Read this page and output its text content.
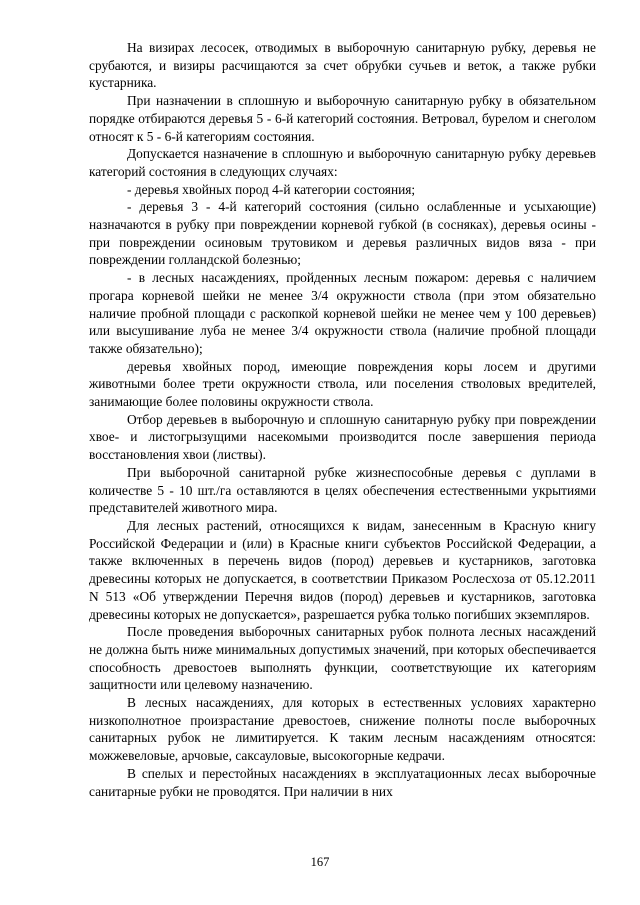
На визирах лесосек, отводимых в выборочную санитарную рубку, деревья не срубаются, и визиры расчищаются за счет обрубки сучьев и веток, а также рубки кустарника.

При назначении в сплошную и выборочную санитарную рубку в обязательном порядке отбираются деревья 5 - 6-й категорий состояния. Ветровал, бурелом и снеголом относят к 5 - 6-й категориям состояния.

Допускается назначение в сплошную и выборочную санитарную рубку деревьев категорий состояния в следующих случаях:

- деревья хвойных пород 4-й категории состояния;

- деревья 3 - 4-й категорий состояния (сильно ослабленные и усыхающие) назначаются в рубку при повреждении корневой губкой (в сосняках), деревья осины - при повреждении осиновым трутовиком и деревья различных видов вяза - при повреждении голландской болезнью;

- в лесных насаждениях, пройденных лесным пожаром: деревья с наличием прогара корневой шейки не менее 3/4 окружности ствола (при этом обязательно наличие пробной площади с раскопкой корневой шейки не менее чем у 100 деревьев) или высушивание луба не менее 3/4 окружности ствола (наличие пробной площади также обязательно);

деревья хвойных пород, имеющие повреждения коры лосем и другими животными более трети окружности ствола, или поселения стволовых вредителей, занимающие более половины окружности ствола.

Отбор деревьев в выборочную и сплошную санитарную рубку при повреждении хвое- и листогрызущими насекомыми производится после завершения периода восстановления хвои (листвы).

При выборочной санитарной рубке жизнеспособные деревья с дуплами в количестве 5 - 10 шт./га оставляются в целях обеспечения естественными укрытиями представителей животного мира.

Для лесных растений, относящихся к видам, занесенным в Красную книгу Российской Федерации и (или) в Красные книги субъектов Российской Федерации, а также включенных в перечень видов (пород) деревьев и кустарников, заготовка древесины которых не допускается, в соответствии Приказом Рослесхоза от 05.12.2011 N 513 «Об утверждении Перечня видов (пород) деревьев и кустарников, заготовка древесины которых не допускается», разрешается рубка только погибших экземпляров.

После проведения выборочных санитарных рубок полнота лесных насаждений не должна быть ниже минимальных допустимых значений, при которых обеспечивается способность древостоев выполнять функции, соответствующие их категориям защитности или целевому назначению.

В лесных насаждениях, для которых в естественных условиях характерно низкополнотное произрастание древостоев, снижение полноты после выборочных санитарных рубок не лимитируется. К таким лесным насаждениям относятся: можжевеловые, арчовые, саксауловые, высокогорные кедрачи.

В спелых и перестойных насаждениях в эксплуатационных лесах выборочные санитарные рубки не проводятся. При наличии в них

167
